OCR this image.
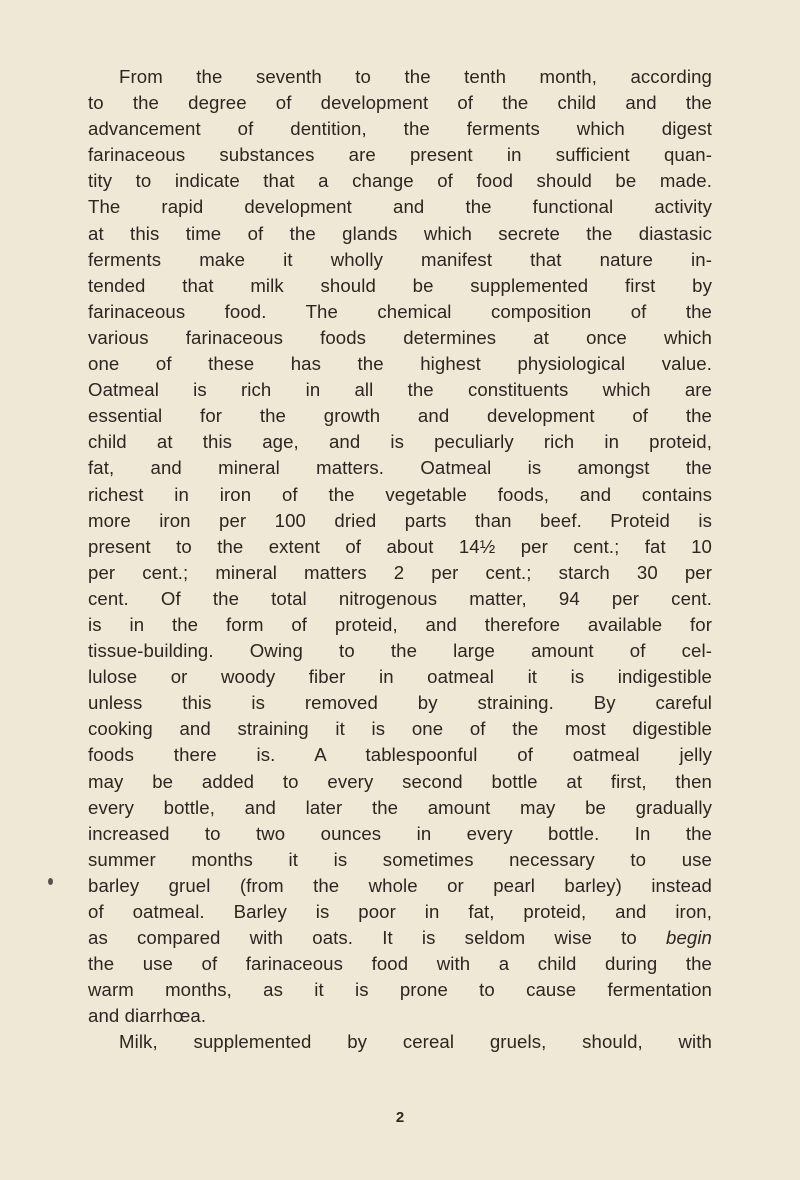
From the seventh to the tenth month, according
to the degree of development of the child and the
advancement of dentition, the ferments which digest
farinaceous substances are present in sufficient quan-
tity to indicate that a change of food should be made.
The rapid development and the functional activity
at this time of the glands which secrete the diastasic
ferments make it wholly manifest that nature in-
tended that milk should be supplemented first by
farinaceous food. The chemical composition of the
various farinaceous foods determines at once which
one of these has the highest physiological value.
Oatmeal is rich in all the constituents which are
essential for the growth and development of the
child at this age, and is peculiarly rich in proteid,
fat, and mineral matters. Oatmeal is amongst the
richest in iron of the vegetable foods, and contains
more iron per 100 dried parts than beef. Proteid is
present to the extent of about 14½ per cent.; fat 10
per cent.; mineral matters 2 per cent.; starch 30 per
cent. Of the total nitrogenous matter, 94 per cent.
is in the form of proteid, and therefore available for
tissue-building. Owing to the large amount of cel-
lulose or woody fiber in oatmeal it is indigestible
unless this is removed by straining. By careful
cooking and straining it is one of the most digestible
foods there is. A tablespoonful of oatmeal jelly
may be added to every second bottle at first, then
every bottle, and later the amount may be gradually
increased to two ounces in every bottle. In the
summer months it is sometimes necessary to use
barley gruel (from the whole or pearl barley) instead
of oatmeal. Barley is poor in fat, proteid, and iron,
as compared with oats. It is seldom wise to begin
the use of farinaceous food with a child during the
warm months, as it is prone to cause fermentation
and diarrhœa.
Milk, supplemented by cereal gruels, should, with
2
